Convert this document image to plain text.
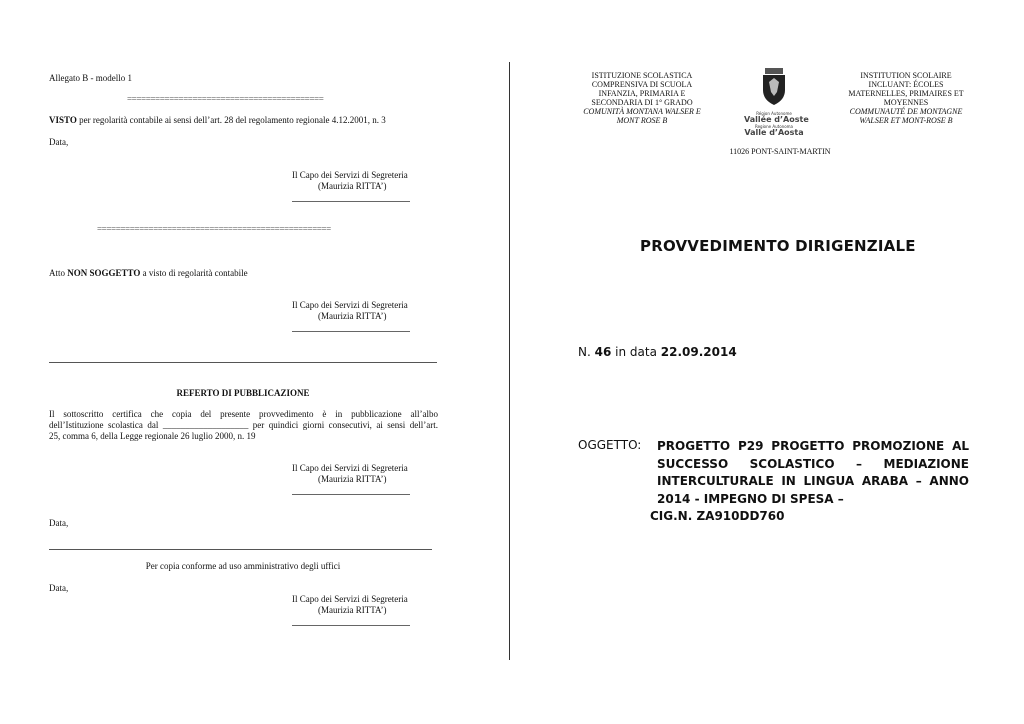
Allegato B - modello 1
==========================================
VISTO per regolarità contabile ai sensi dell’art. 28 del regolamento regionale 4.12.2001, n. 3
Data,
Il Capo dei Servizi di Segreteria
(Maurizia RITTA’)
==================================================
Atto NON SOGGETTO a visto di regolarità contabile
Il Capo dei Servizi di Segreteria
(Maurizia RITTA’)
REFERTO DI PUBBLICAZIONE
Il sottoscritto certifica che copia del presente provvedimento è in pubblicazione all’albo
dell’Istituzione scolastica dal ___________________ per quindici giorni consecutivi, ai sensi dell’art.
25, comma 6, della Legge regionale 26 luglio 2000, n. 19
Il Capo dei Servizi di Segreteria
(Maurizia RITTA’)
Data,
Per copia conforme ad uso amministrativo degli uffici
Data,
Il Capo dei Servizi di Segreteria
(Maurizia RITTA’)
ISTITUZIONE SCOLASTICA
COMPRENSIVA DI SCUOLA
INFANZIA, PRIMARIA E
SECONDARIA DI 1° GRADO
COMUNITÀ MONTANA WALSER E
MONT ROSE B
Région Autonome
Vallée d’Aoste
Regione Autonoma
Valle d’Aosta
INSTITUTION SCOLAIRE
INCLUANT: ÉCOLES
MATERNELLES, PRIMAIRES ET
MOYENNES
COMMUNAUTÉ DE MONTAGNE
WALSER ET MONT-ROSE B
11026 PONT-SAINT-MARTIN
PROVVEDIMENTO DIRIGENZIALE
N. 46 in data 22.09.2014
OGGETTO: PROGETTO P29 PROGETTO PROMOZIONE AL
SUCCESSO SCOLASTICO – MEDIAZIONE
INTERCULTURALE IN LINGUA ARABA – ANNO
2014 - IMPEGNO DI SPESA –
CIG.N. ZA910DD760
